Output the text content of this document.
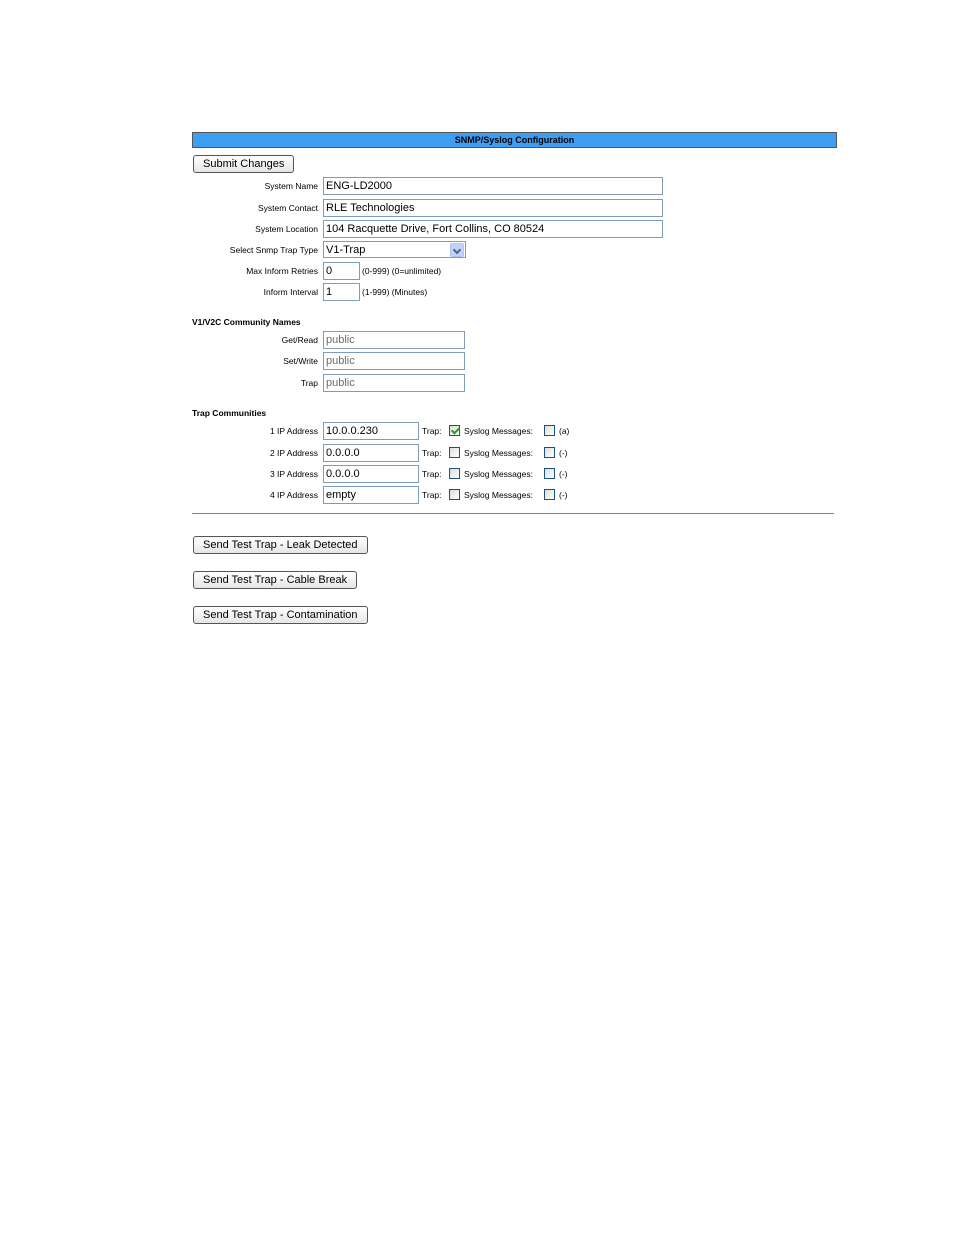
SNMP/Syslog Configuration
Submit Changes
System Name ENG-LD2000
System Contact RLE Technologies
System Location 104 Racquette Drive, Fort Collins, CO 80524
Select Snmp Trap Type V1-Trap
Max Inform Retries 0	(0-999) (0=unlimited)
Inform Interval 1	(1-999) (Minutes)
V1/V2C Community Names
Get/Read public
Set/Write public
Trap public
Trap Communities
1 IP Address 10.0.0.230	Trap:	Syslog Messages:	(a)
2 IP Address 0.0.0.0	Trap:	Syslog Messages:	(-)
3 IP Address 0.0.0.0	Trap:	Syslog Messages:	(-)
4 IP Address empty	Trap:	Syslog Messages:	(-)
Send Test Trap - Leak Detected
Send Test Trap - Cable Break
Send Test Trap - Contamination
